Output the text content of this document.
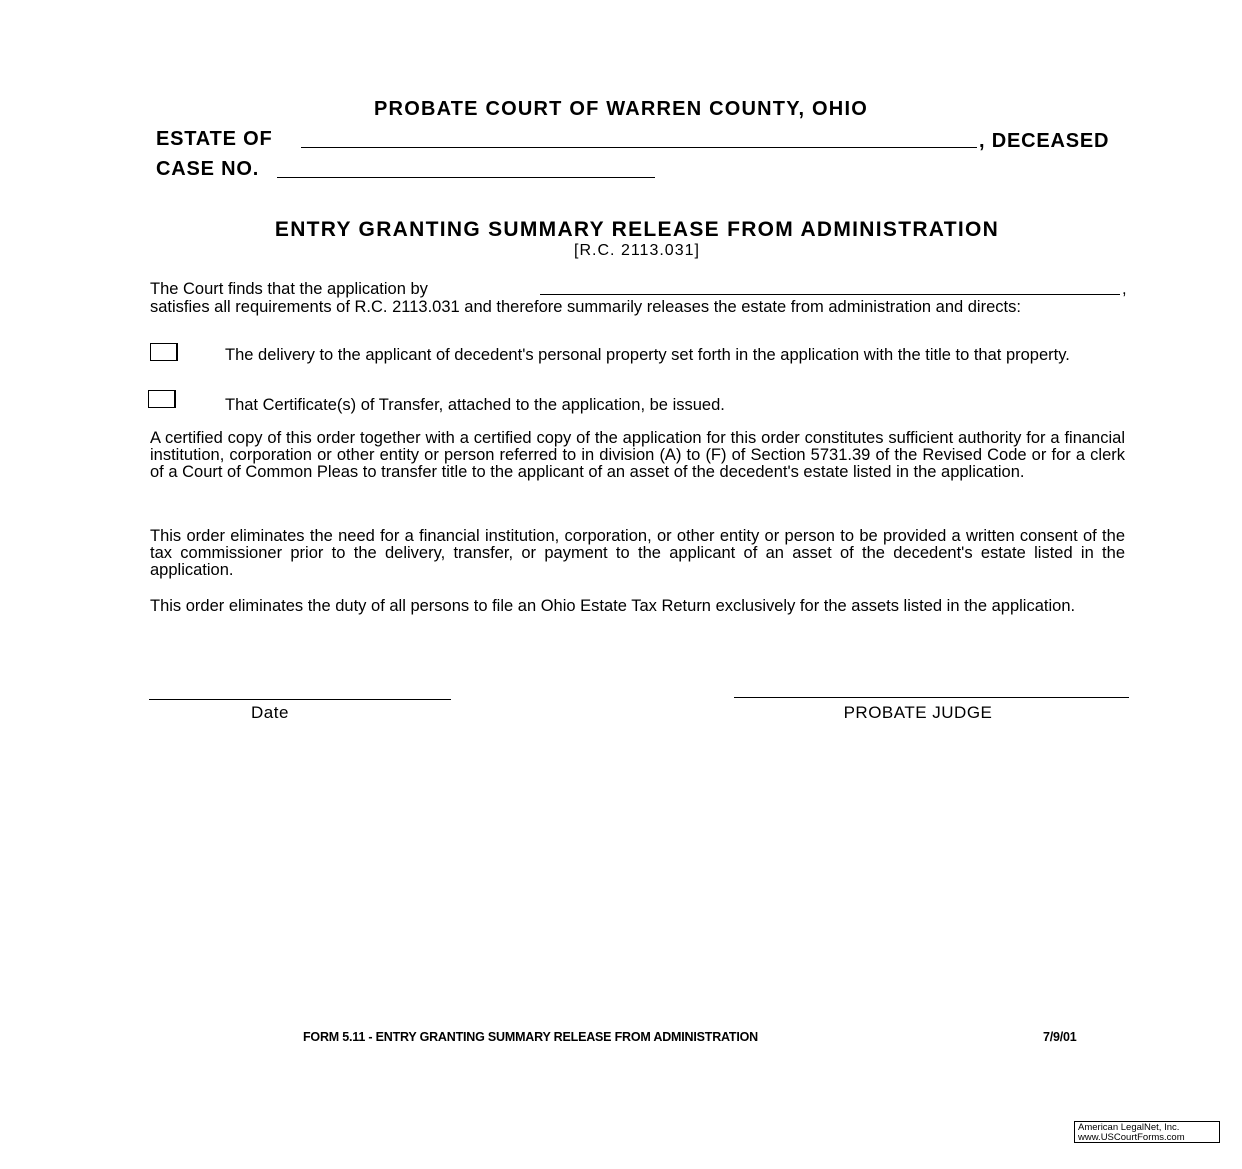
PROBATE COURT OF WARREN COUNTY, OHIO
ESTATE OF	, DECEASED
CASE NO.
ENTRY GRANTING SUMMARY RELEASE FROM ADMINISTRATION
[R.C. 2113.031]
The Court finds that the application by	,
satisfies all requirements of R.C. 2113.031 and therefore summarily releases the estate from administration and directs:
The delivery to the applicant of decedent's personal property set forth in the application with the title to that property.
That Certificate(s) of Transfer, attached to the application, be issued.
A certified copy of this order together with a certified copy of the application for this order constitutes sufficient authority for a financial institution, corporation or other entity or person referred to in division (A) to (F) of Section 5731.39 of the Revised Code or for a clerk of a Court of Common Pleas to transfer title to the applicant of an asset of the decedent's estate listed in the application.
This order eliminates the need for a financial institution, corporation, or other entity or person to be provided a written consent of the tax commissioner prior to the delivery, transfer, or payment to the applicant of an asset of the decedent's estate listed in the application.
This order eliminates the duty of all persons to file an Ohio Estate Tax Return exclusively for the assets listed in the application.
Date	PROBATE JUDGE
FORM 5.11 - ENTRY GRANTING SUMMARY RELEASE FROM ADMINISTRATION	7/9/01
American LegalNet, Inc.
www.USCourtForms.com
